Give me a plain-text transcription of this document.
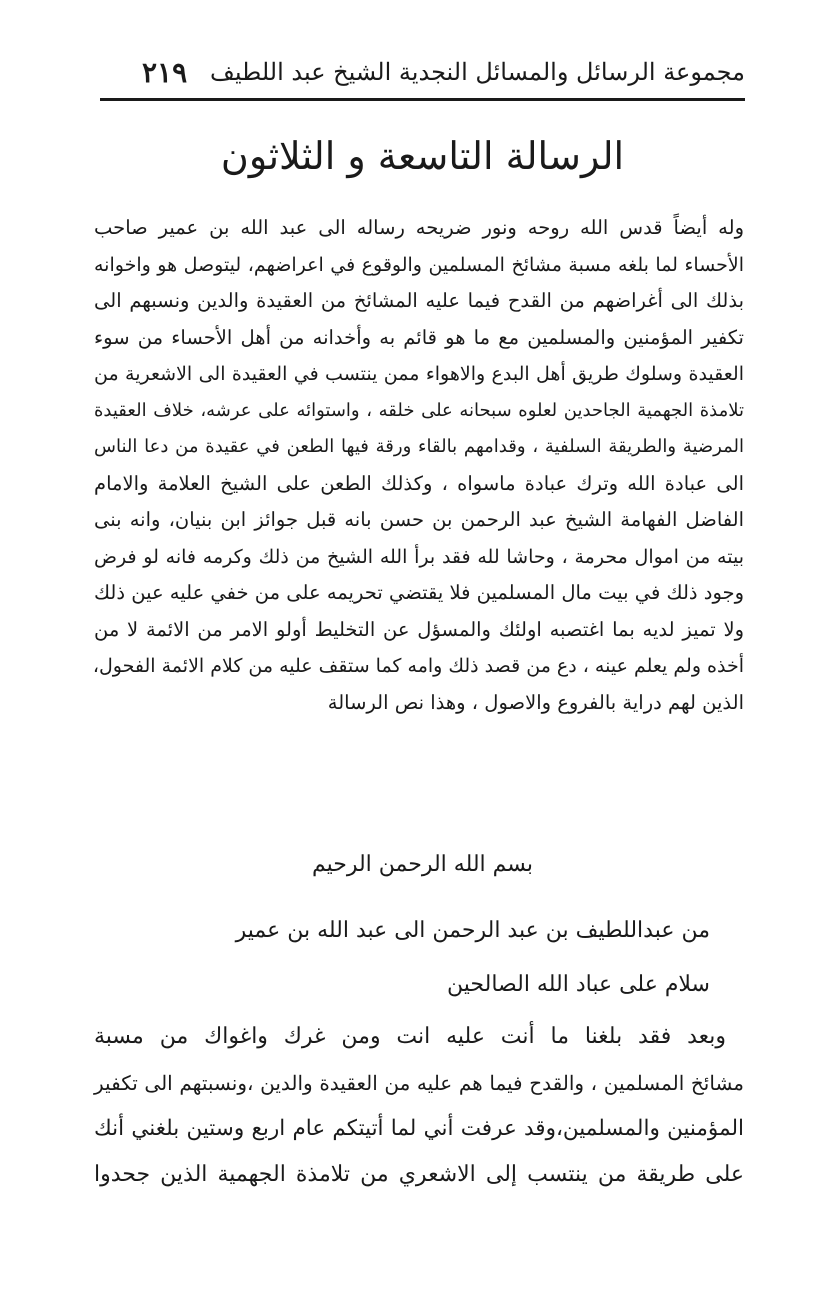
مجموعة الرسائل والمسائل النجدية الشيخ عبد اللطيف
٢١٩
الرسالة التاسعة و الثلاثون
وله أيضاً قدس الله روحه ونور ضريحه رساله الى عبد الله بن عمير صاحب
الأحساء لما بلغه مسبة مشائخ المسلمين والوقوع في اعراضهم، ليتوصل هو واخوانه
بذلك الى أغراضهم من القدح فيما عليه المشائخ من العقيدة والدين ونسبهم الى
تكفير المؤمنين والمسلمين مع ما هو قائم به وأخدانه من أهل الأحساء من سوء
العقيدة وسلوك طريق أهل البدع والاهواء ممن ينتسب في العقيدة الى الاشعرية من
تلامذة الجهمية الجاحدين لعلوه سبحانه على خلقه ، واستوائه على عرشه، خلاف العقيدة
المرضية والطريقة السلفية ، وقدامهم بالقاء ورقة فيها الطعن في عقيدة من دعا الناس
الى عبادة الله وترك عبادة ماسواه ، وكذلك الطعن على الشيخ العلامة والامام
الفاضل الفهامة الشيخ عبد الرحمن بن حسن بانه قبل جوائز ابن بنيان، وانه بنى
بيته من اموال محرمة ، وحاشا لله فقد برأ الله الشيخ من ذلك وكرمه فانه لو فرض
وجود ذلك في بيت مال المسلمين فلا يقتضي تحريمه على من خفي عليه عين ذلك
ولا تميز لديه بما اغتصبه اولئك والمسؤل عن التخليط أولو الامر من الائمة لا من
أخذه ولم يعلم عينه ، دع من قصد ذلك وامه كما ستقف عليه من كلام الائمة الفحول،
الذين لهم دراية بالفروع والاصول ، وهذا نص الرسالة
بسم الله الرحمن الرحيم
من عبداللطيف بن عبد الرحمن الى عبد الله بن عمير
سلام على عباد الله الصالحين
وبعد فقد بلغنا ما أنت عليه انت ومن غرك واغواك من مسبة
مشائخ المسلمين ، والقدح فيما هم عليه من العقيدة والدين ،ونسبتهم الى تكفير
المؤمنين والمسلمين،وقد عرفت أني لما أتيتكم عام اربع وستين بلغني أنك
على طريقة من ينتسب إلى الاشعري من تلامذة الجهمية الذين جحدوا
